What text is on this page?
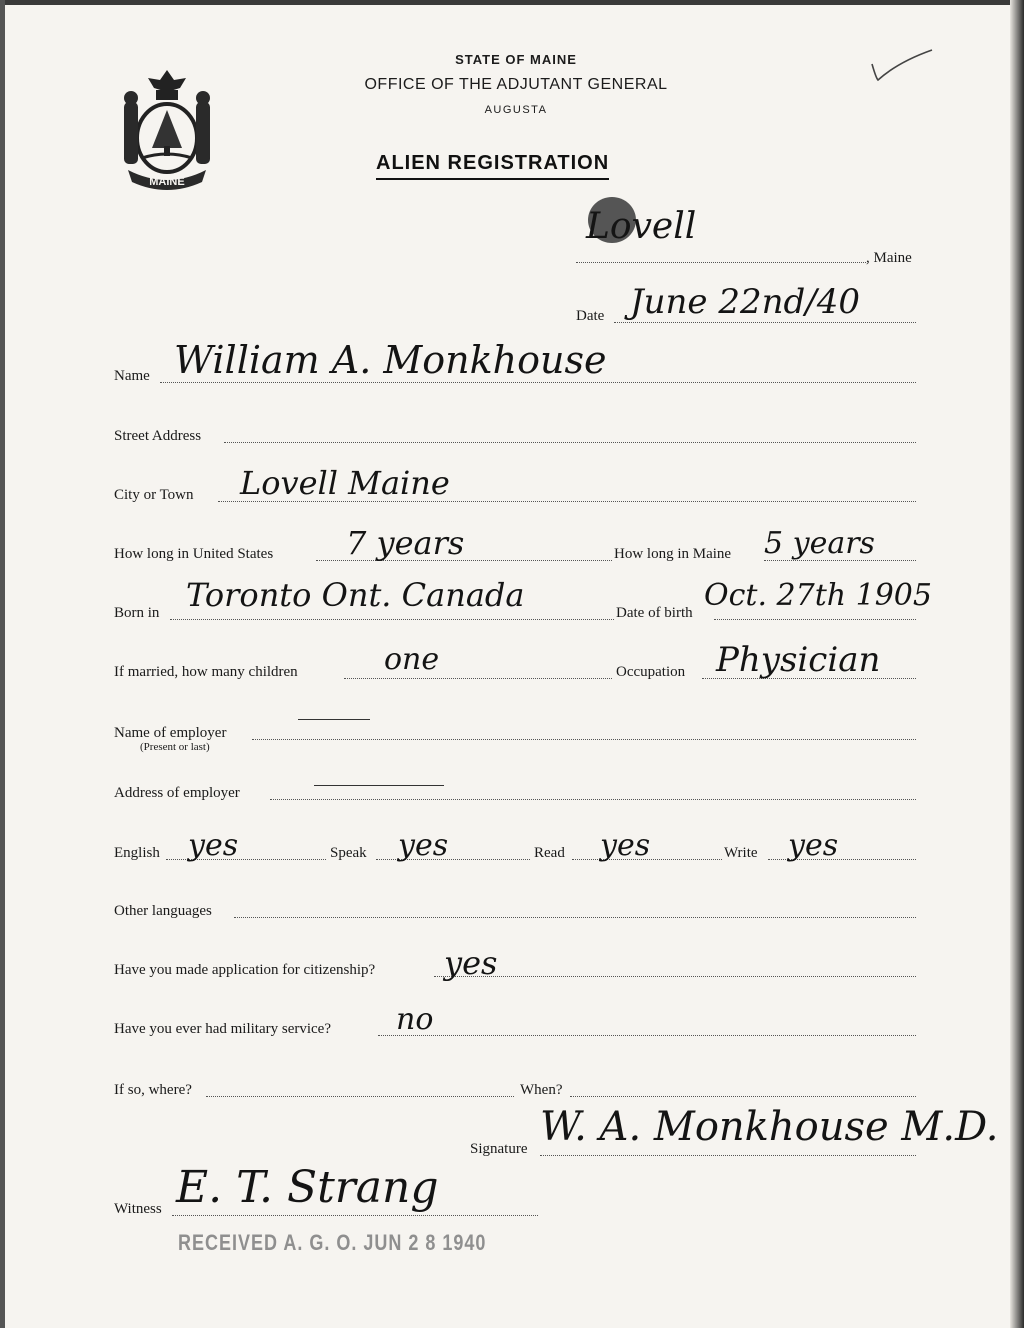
MAINE
STATE OF MAINE
OFFICE OF THE ADJUTANT GENERAL
AUGUSTA
ALIEN REGISTRATION
Lovell
, Maine
Date June 22nd/40
Name William A. Monkhouse
Street Address
City or Town Lovell Maine
How long in United States 7 years	How long in Maine 5 years
Born in Toronto Ont. Canada	Date of birth Oct. 27th 1905
If married, how many children	one	Occupation Physician
Name of employer
(Present or last)
Address of employer
English yes	Speak yes	Read yes	Write yes
Other languages
Have you made application for citizenship? yes
Have you ever had military service? no
If so, where?	When?
Signature W. A. Monkhouse M.D.
Witness E. T. Strang
RECEIVED A. G. O. JUN 2 8 1940
